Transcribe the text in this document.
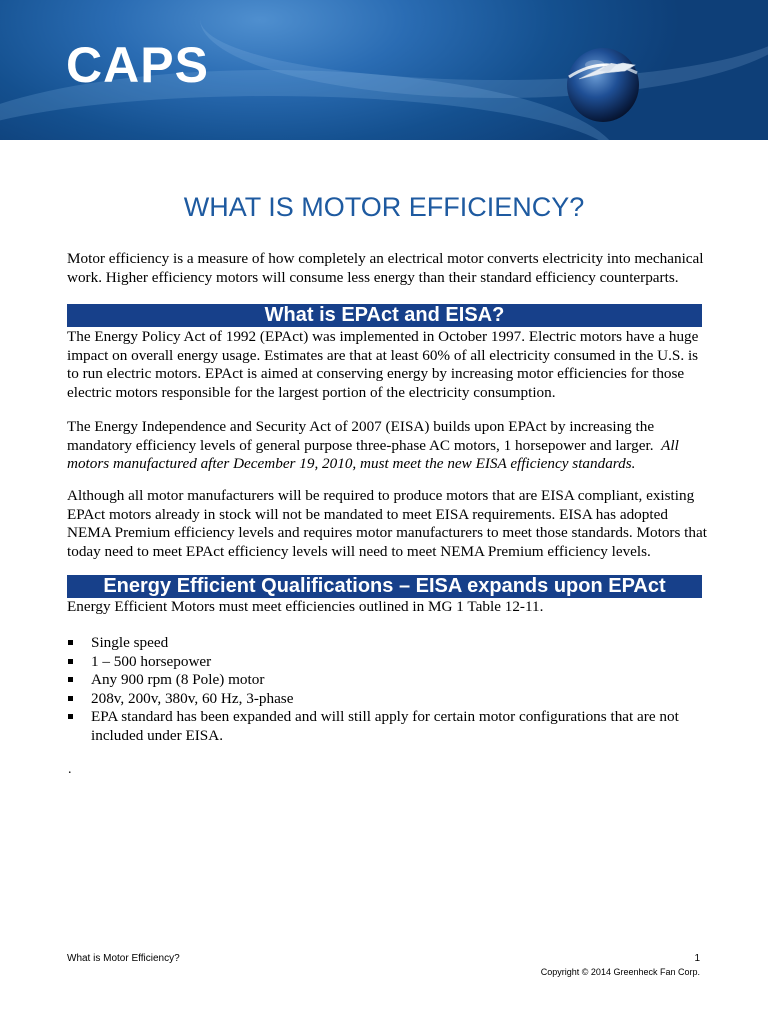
CAPS
WHAT IS MOTOR EFFICIENCY?

Motor efficiency is a measure of how completely an electrical motor converts electricity into mechanical work. Higher efficiency motors will consume less energy than their standard efficiency counterparts.

What is EPAct and EISA?

The Energy Policy Act of 1992 (EPAct) was implemented in October 1997. Electric motors have a huge impact on overall energy usage. Estimates are that at least 60% of all electricity consumed in the U.S. is to run electric motors. EPAct is aimed at conserving energy by increasing motor efficiencies for those electric motors responsible for the largest portion of the electricity consumption.

The Energy Independence and Security Act of 2007 (EISA) builds upon EPAct by increasing the mandatory efficiency levels of general purpose three-phase AC motors, 1 horsepower and larger. All motors manufactured after December 19, 2010, must meet the new EISA efficiency standards.

Although all motor manufacturers will be required to produce motors that are EISA compliant, existing EPAct motors already in stock will not be mandated to meet EISA requirements. EISA has adopted NEMA Premium efficiency levels and requires motor manufacturers to meet those standards. Motors that today need to meet EPAct efficiency levels will need to meet NEMA Premium efficiency levels.

Energy Efficient Qualifications – EISA expands upon EPAct

Energy Efficient Motors must meet efficiencies outlined in MG 1 Table 12-11.

Single speed
1 – 500 horsepower
Any 900 rpm (8 Pole) motor
208v, 200v, 380v, 60 Hz, 3-phase
EPA standard has been expanded and will still apply for certain motor configurations that are not included under EISA.
.
What is Motor Efficiency?	1
Copyright © 2014 Greenheck Fan Corp.
